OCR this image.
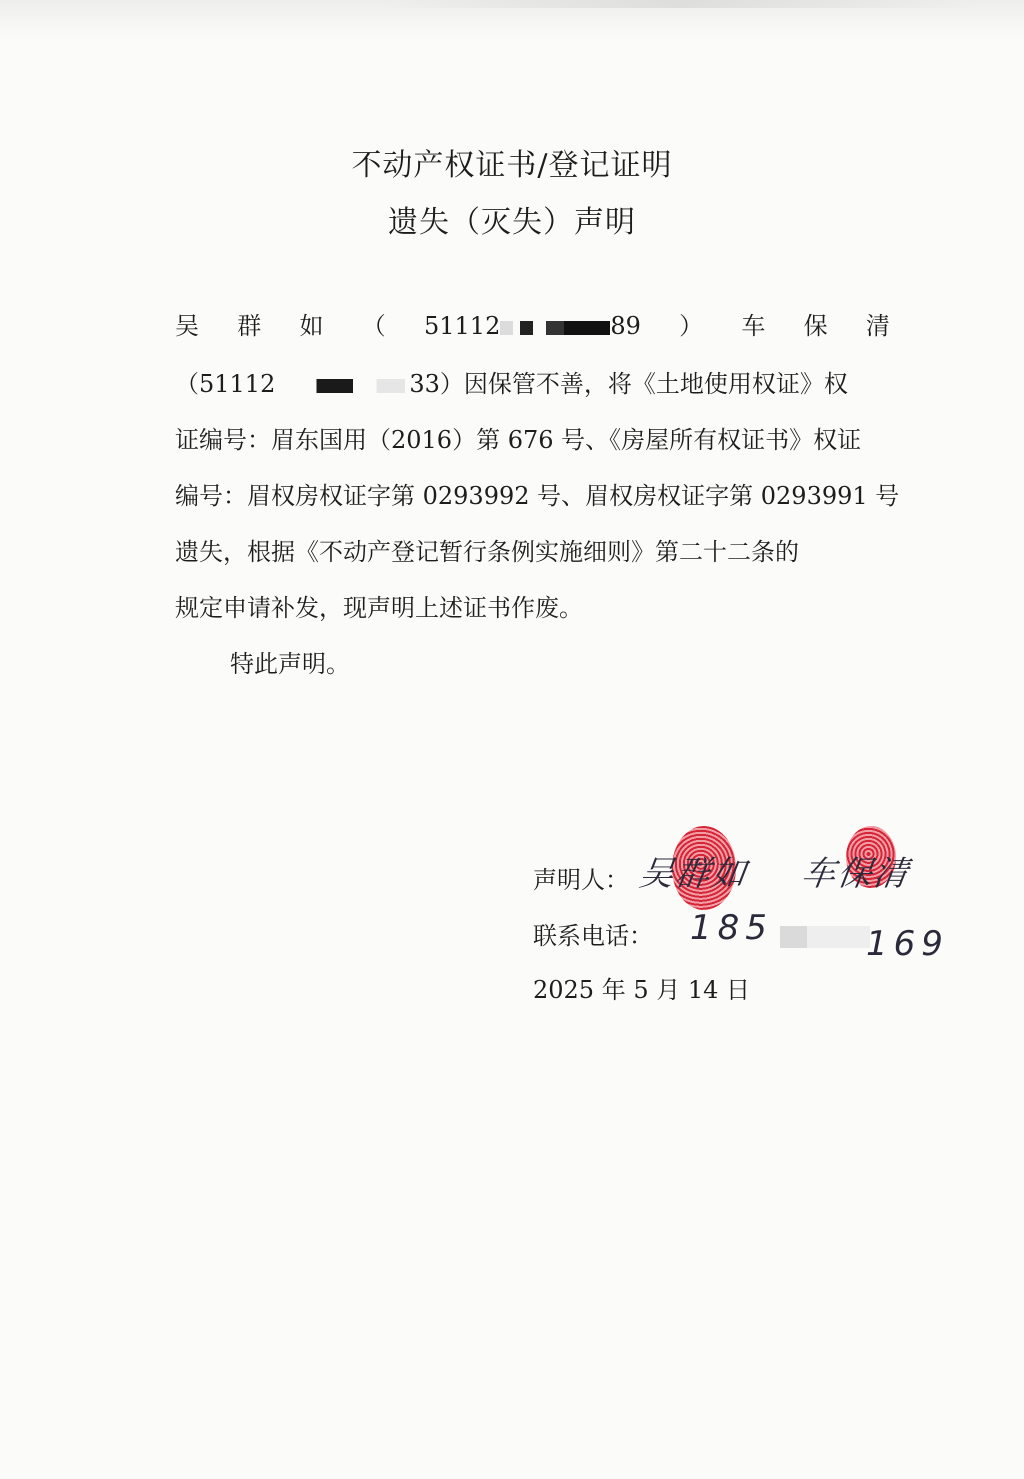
不动产权证书/登记证明
遗失（灭失）声明
吴 群 如 （ 51112	89 ） 车 保 清
（51112	33）因保管不善，将《土地使用权证》权
证编号：眉东国用（2016）第 676 号、《房屋所有权证书》权证
编号：眉权房权证字第 0293992 号、眉权房权证字第 0293991 号
遗失，根据《不动产登记暂行条例实施细则》第二十二条的
规定申请补发，现声明上述证书作废。
特此声明。
声明人： 吴群如 车保清
联系电话： 185	169
2025 年 5 月 14 日
